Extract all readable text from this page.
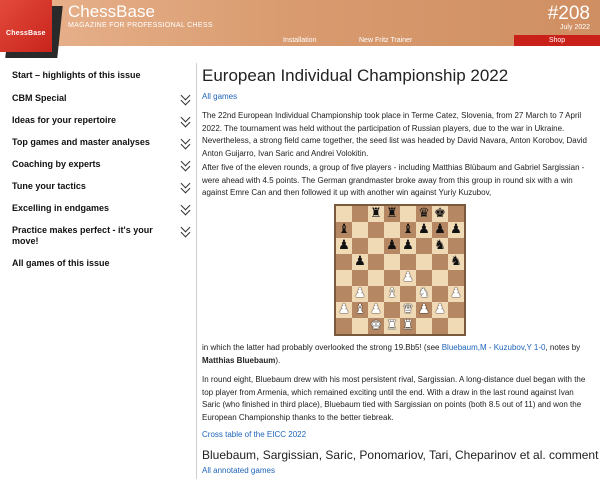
ChessBase
ChessBase
MAGAZINE FOR PROFESSIONAL CHESS
#208
July 2022
Installation	New Fritz Trainer	Shop
Start – highlights of this issue
CBM Special
Ideas for your repertoire
Top games and master analyses
Coaching by experts
Tune your tactics
Excelling in endgames
Practice makes perfect - it's your move!
All games of this issue
European Individual Championship 2022
All games

The 22nd European Individual Championship took place in Terme Catez, Slovenia, from 27 March to 7 April 2022. The tournament was held without the participation of Russian players, due to the war in Ukraine. Nevertheless, a strong field came together, the seed list was headed by David Navara, Anton Korobov, David Anton Guijarro, Ivan Saric and Andrei Volokitin.

After five of the eleven rounds, a group of five players - including Matthias Blübaum and Gabriel Sargissian - were ahead with 4.5 points. The German grandmaster broke away from this group in round six with a win against Emre Can and then followed it up with another win against Yuriy Kuzubov,

♜ ♜ ♛ ♚
♝	♝ ♟ ♟ ♟
♟	♟ ♟ ♞
♟	♞
♟
♟ ♝ ♞ ♟
♟ ♝ ♟ ♛ ♟ ♟
♚ ♜ ♜

in which the latter had probably overlooked the strong 19.Bb5! (see Bluebaum,M - Kuzubov,Y 1-0, notes by Matthias Bluebaum).

In round eight, Bluebaum drew with his most persistent rival, Sargissian. A long-distance duel began with the top player from Armenia, which remained exciting until the end. With a draw in the last round against Ivan Saric (who finished in third place), Bluebaum tied with Sargissian on points (both 8.5 out of 11) and won the European Championship thanks to the better tiebreak.

Cross table of the EICC 2022
Bluebaum, Sargissian, Saric, Ponomariov, Tari, Cheparinov et al. comment
All annotated games
